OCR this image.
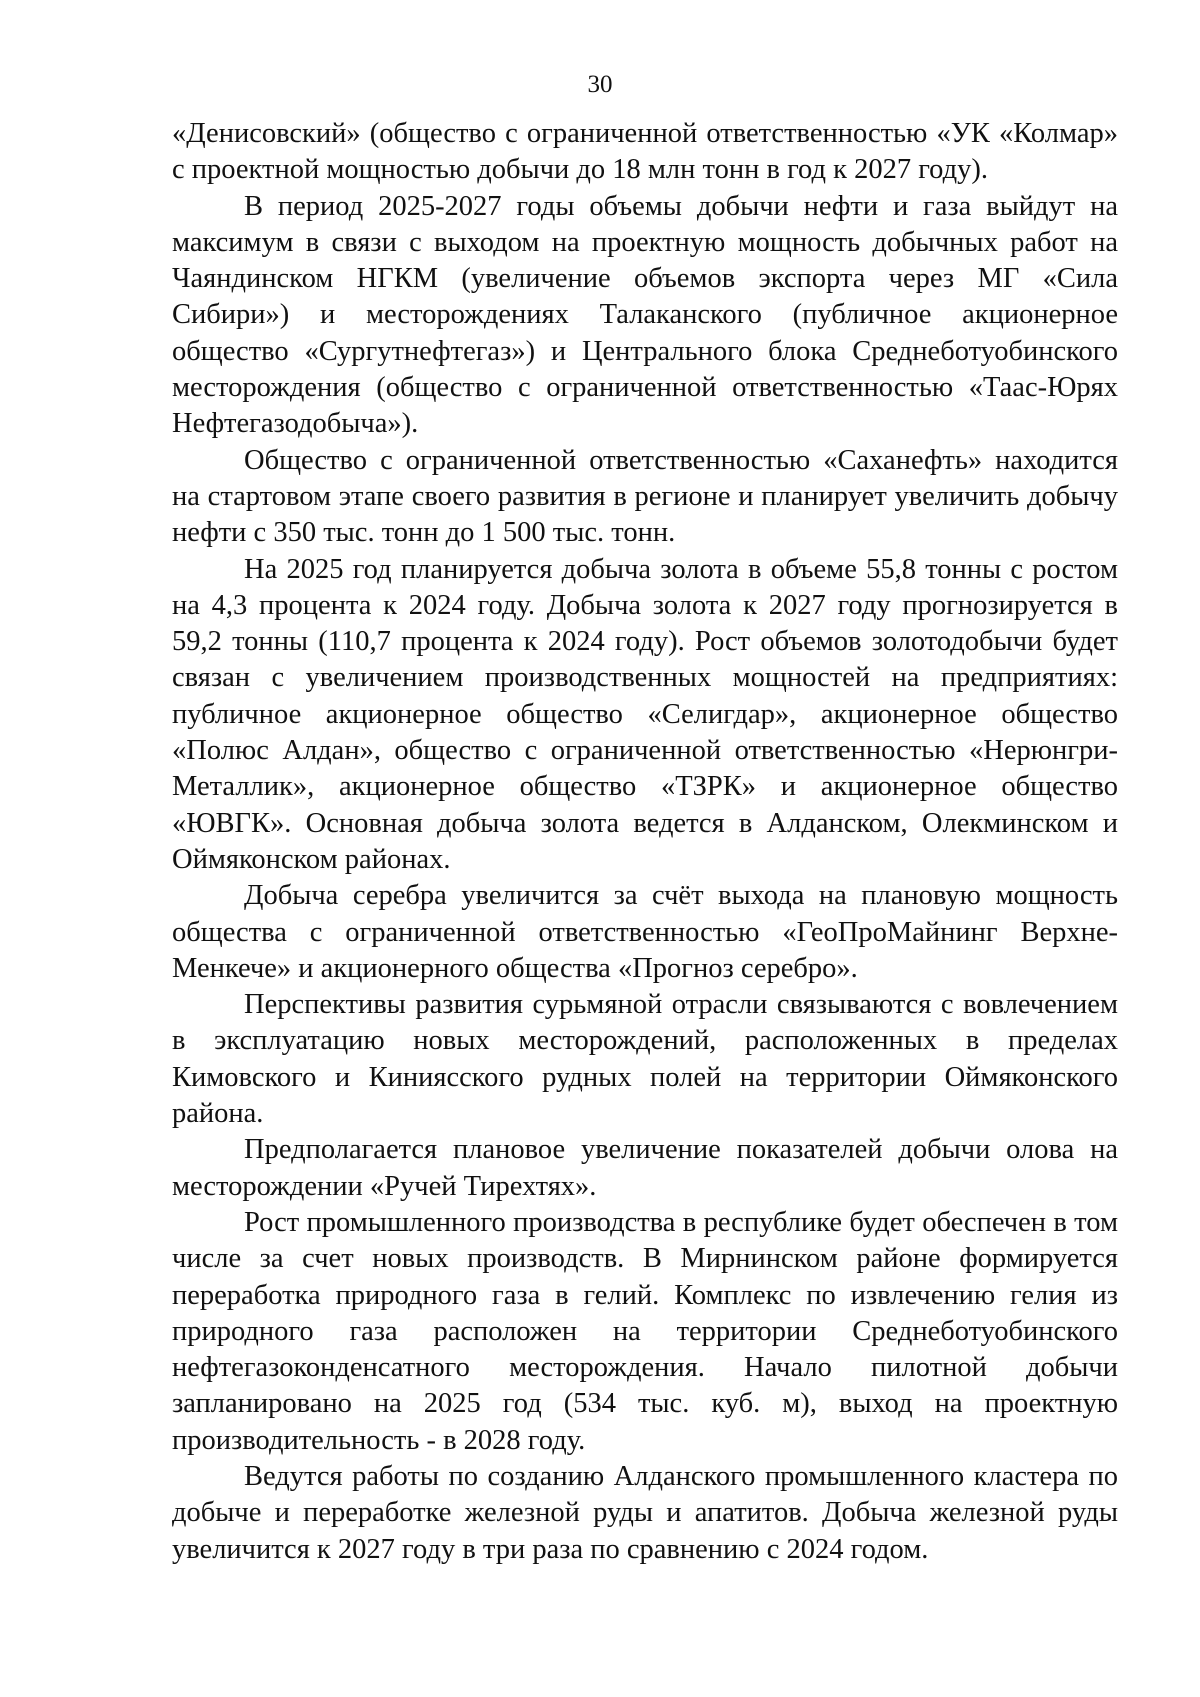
30

«Денисовский» (общество с ограниченной ответственностью «УК «Колмар» с проектной мощностью добычи до 18 млн тонн в год к 2027 году).

В период 2025-2027 годы объемы добычи нефти и газа выйдут на максимум в связи с выходом на проектную мощность добычных работ на Чаяндинском НГКМ (увеличение объемов экспорта через МГ «Сила Сибири») и месторождениях Талаканского (публичное акционерное общество «Сургутнефтегаз») и Центрального блока Среднеботуобинского месторождения (общество с ограниченной ответственностью «Таас-Юрях Нефтегазодобыча»).

Общество с ограниченной ответственностью «Саханефть» находится на стартовом этапе своего развития в регионе и планирует увеличить добычу нефти с 350 тыс. тонн до 1 500 тыс. тонн.

На 2025 год планируется добыча золота в объеме 55,8 тонны с ростом на 4,3 процента к 2024 году. Добыча золота к 2027 году прогнозируется в 59,2 тонны (110,7 процента к 2024 году). Рост объемов золотодобычи будет связан с увеличением производственных мощностей на предприятиях: публичное акционерное общество «Селигдар», акционерное общество «Полюс Алдан», общество с ограниченной ответственностью «Нерюнгри-Металлик», акционерное общество «ТЗРК» и акционерное общество «ЮВГК». Основная добыча золота ведется в Алданском, Олекминском и Оймяконском районах.

Добыча серебра увеличится за счёт выхода на плановую мощность общества с ограниченной ответственностью «ГеоПроМайнинг Верхне-Менкече» и акционерного общества «Прогноз серебро».

Перспективы развития сурьмяной отрасли связываются с вовлечением в эксплуатацию новых месторождений, расположенных в пределах Кимовского и Киниясского рудных полей на территории Оймяконского района.

Предполагается плановое увеличение показателей добычи олова на месторождении «Ручей Тирехтях».

Рост промышленного производства в республике будет обеспечен в том числе за счет новых производств. В Мирнинском районе формируется переработка природного газа в гелий. Комплекс по извлечению гелия из природного газа расположен на территории Среднеботуобинского нефтегазоконденсатного месторождения. Начало пилотной добычи запланировано на 2025 год (534 тыс. куб. м), выход на проектную производительность - в 2028 году.

Ведутся работы по созданию Алданского промышленного кластера по добыче и переработке железной руды и апатитов. Добыча железной руды увеличится к 2027 году в три раза по сравнению с 2024 годом.
